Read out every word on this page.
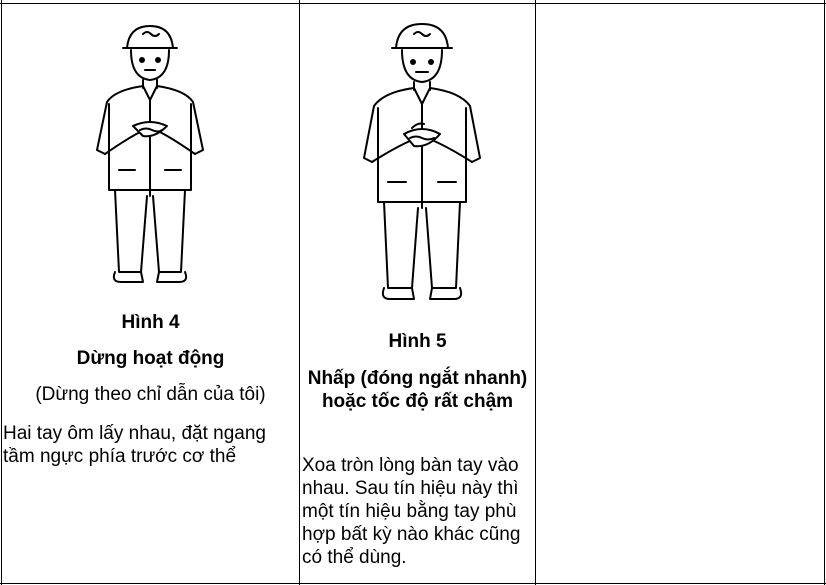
Hình 4
Dừng hoạt động
(Dừng theo chỉ dẫn của tôi)
Hai tay ôm lấy nhau, đặt ngang tầm ngực phía trước cơ thể
Hình 5
Nhấp (đóng ngắt nhanh) hoặc tốc độ rất chậm
Xoa tròn lòng bàn tay vào nhau. Sau tín hiệu này thì một tín hiệu bằng tay phù hợp bất kỳ nào khác cũng có thể dùng.
